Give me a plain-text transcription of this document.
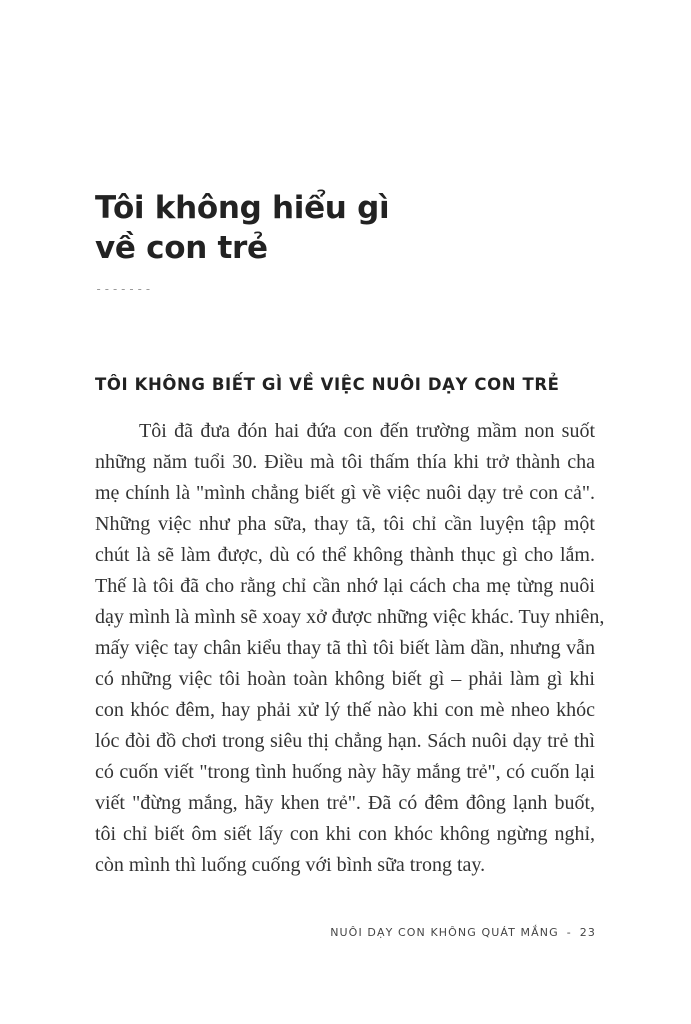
Tôi không hiểu gì
về con trẻ
-------
TÔI KHÔNG BIẾT GÌ VỀ VIỆC NUÔI DẠY CON TRẺ
Tôi đã đưa đón hai đứa con đến trường mầm non suốt
những năm tuổi 30. Điều mà tôi thấm thía khi trở thành cha
mẹ chính là "mình chẳng biết gì về việc nuôi dạy trẻ con cả".
Những việc như pha sữa, thay tã, tôi chỉ cần luyện tập một
chút là sẽ làm được, dù có thể không thành thục gì cho lắm.
Thế là tôi đã cho rằng chỉ cần nhớ lại cách cha mẹ từng nuôi
dạy mình là mình sẽ xoay xở được những việc khác. Tuy nhiên,
mấy việc tay chân kiểu thay tã thì tôi biết làm dần, nhưng vẫn
có những việc tôi hoàn toàn không biết gì – phải làm gì khi
con khóc đêm, hay phải xử lý thế nào khi con mè nheo khóc
lóc đòi đồ chơi trong siêu thị chẳng hạn. Sách nuôi dạy trẻ thì
có cuốn viết "trong tình huống này hãy mắng trẻ", có cuốn lại
viết "đừng mắng, hãy khen trẻ". Đã có đêm đông lạnh buốt,
tôi chỉ biết ôm siết lấy con khi con khóc không ngừng nghỉ,
còn mình thì luống cuống với bình sữa trong tay.
NUÔI DẠY CON KHÔNG QUÁT MẮNG - 23
